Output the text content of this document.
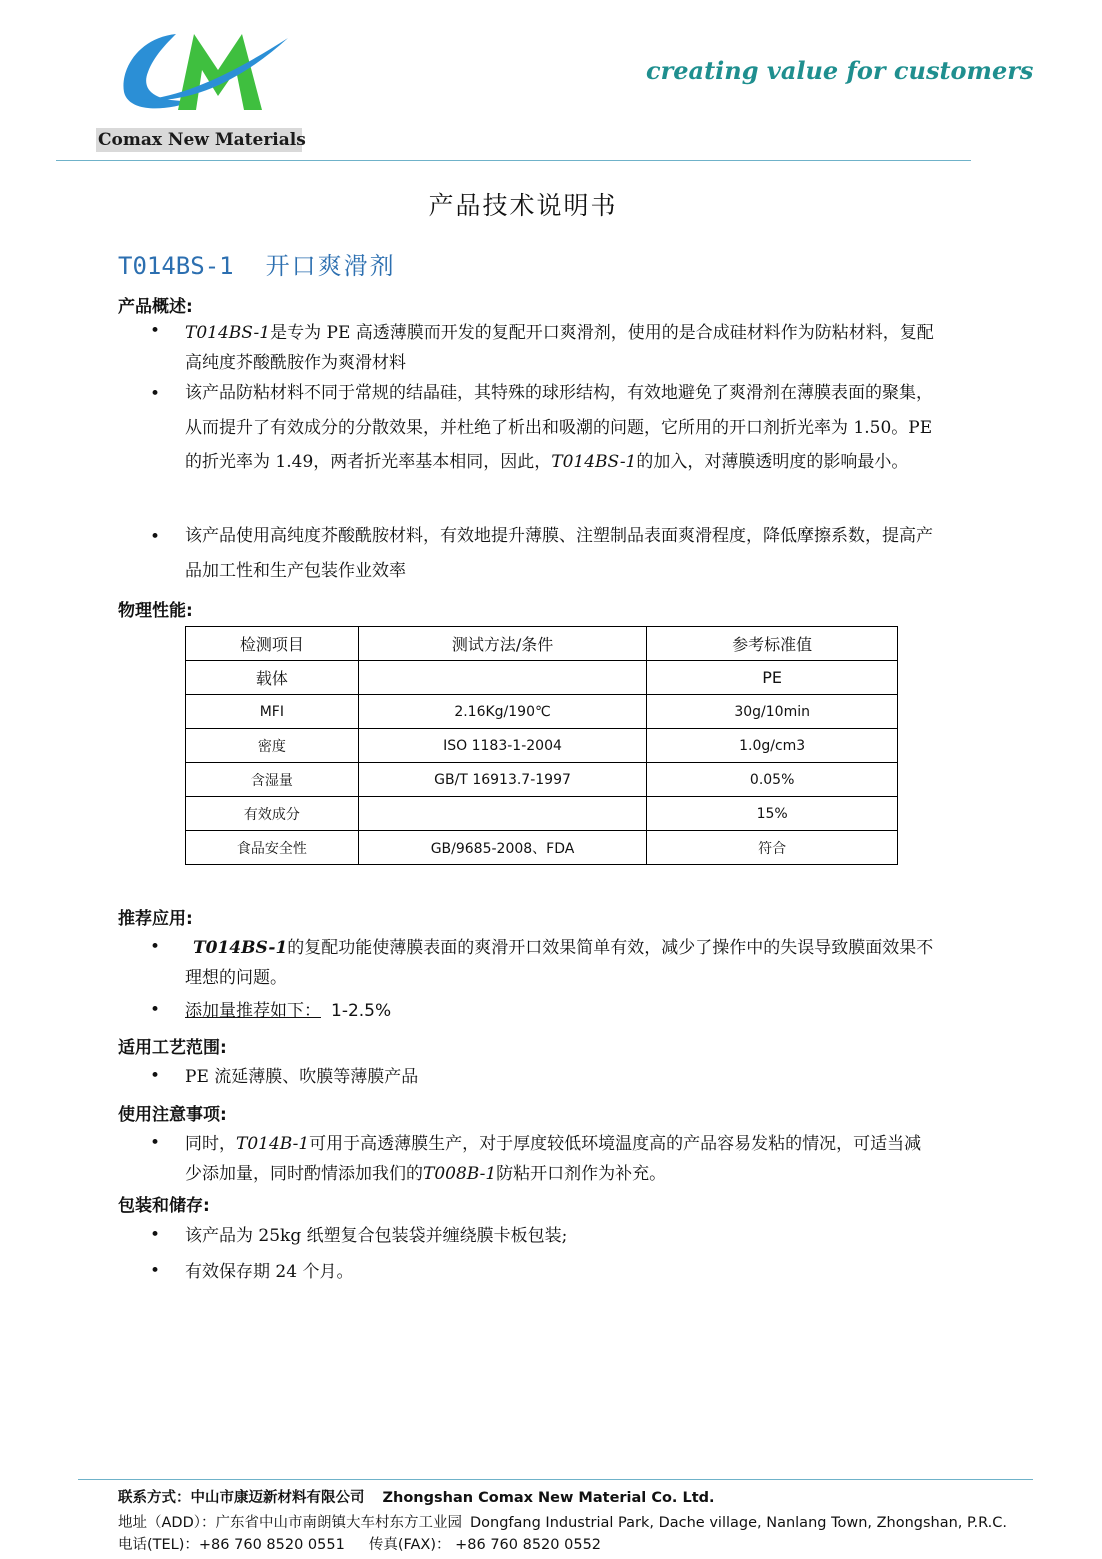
Comax New Materials
creating value for customers
产品技术说明书
T014BS-1 开口爽滑剂
产品概述:
• T014BS-1是专为 PE 高透薄膜而开发的复配开口爽滑剂，使用的是合成硅材料作为防粘材料，复配高纯度芥酸酰胺作为爽滑材料
• 该产品防粘材料不同于常规的结晶硅，其特殊的球形结构，有效地避免了爽滑剂在薄膜表面的聚集，从而提升了有效成分的分散效果，并杜绝了析出和吸潮的问题，它所用的开口剂折光率为 1.50。PE 的折光率为 1.49，两者折光率基本相同，因此，T014BS-1的加入，对薄膜透明度的影响最小。
• 该产品使用高纯度芥酸酰胺材料，有效地提升薄膜、注塑制品表面爽滑程度，降低摩擦系数，提高产品加工性和生产包装作业效率
物理性能:
检测项目	测试方法/条件	参考标准值
载体		PE
MFI	2.16Kg/190℃	30g/10min
密度	ISO 1183-1-2004	1.0g/cm3
含湿量	GB/T 16913.7-1997	0.05%
有效成分		15%
食品安全性	GB/9685-2008、FDA	符合
推荐应用:
•	T014BS-1的复配功能使薄膜表面的爽滑开口效果简单有效，减少了操作中的失误导致膜面效果不理想的问题。
• 添加量推荐如下： 1-2.5%
适用工艺范围:
• PE 流延薄膜、吹膜等薄膜产品
使用注意事项:
• 同时，T014B-1可用于高透薄膜生产，对于厚度较低环境温度高的产品容易发粘的情况，可适当减少添加量，同时酌情添加我们的T008B-1防粘开口剂作为补充。
包装和储存:
• 该产品为 25kg 纸塑复合包装袋并缠绕膜卡板包装;
• 有效保存期 24 个月。
联系方式：中山市康迈新材料有限公司 Zhongshan Comax New Material Co. Ltd.
地址（ADD）：广东省中山市南朗镇大车村东方工业园 Dongfang Industrial Park, Dache village, Nanlang Town, Zhongshan, P.R.C.
电话(TEL)：+86 760 8520 0551 传真(FAX)： +86 760 8520 0552
